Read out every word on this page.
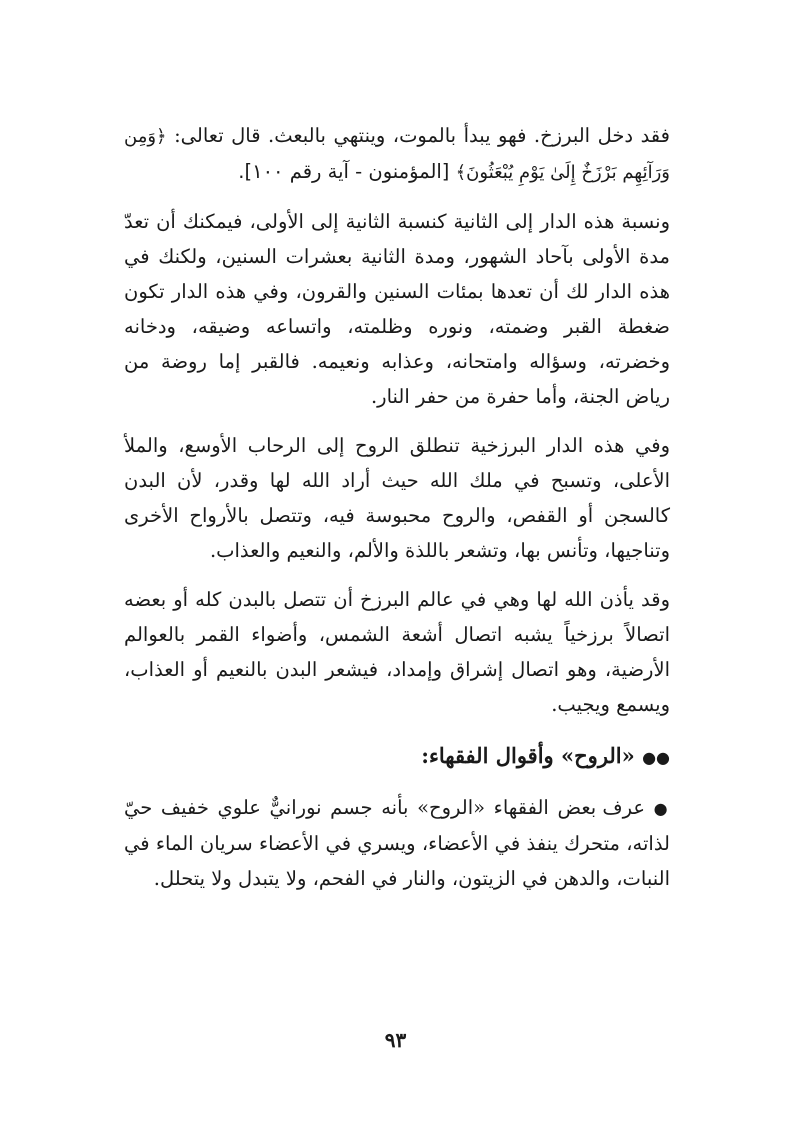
فقد دخل البرزخ. فهو يبدأ بالموت، وينتهي بالبعث. قال تعالى: ﴿وَمِن وَرَآئِهِم بَرْزَخٌ إِلَىٰ يَوْمِ يُبْعَثُونَ﴾ [المؤمنون - آية رقم ١٠٠].

ونسبة هذه الدار إلى الثانية كنسبة الثانية إلى الأولى، فيمكنك أن تعدّ مدة الأولى بآحاد الشهور، ومدة الثانية بعشرات السنين، ولكنك في هذه الدار لك أن تعدها بمئات السنين والقرون، وفي هذه الدار تكون ضغطة القبر وضمته، ونوره وظلمته، واتساعه وضيقه، ودخانه وخضرته، وسؤاله وامتحانه، وعذابه ونعيمه. فالقبر إما روضة من رياض الجنة، وأما حفرة من حفر النار.

وفي هذه الدار البرزخية تنطلق الروح إلى الرحاب الأوسع، والملأ الأعلى، وتسبح في ملك الله حيث أراد الله لها وقدر، لأن البدن كالسجن أو القفص، والروح محبوسة فيه، وتتصل بالأرواح الأخرى وتناجيها، وتأنس بها، وتشعر باللذة والألم، والنعيم والعذاب.

وقد يأذن الله لها وهي في عالم البرزخ أن تتصل بالبدن كله أو بعضه اتصالاً برزخياً يشبه اتصال أشعة الشمس، وأضواء القمر بالعوالم الأرضية، وهو اتصال إشراق وإمداد، فيشعر البدن بالنعيم أو العذاب، ويسمع ويجيب.

●● «الروح» وأقوال الفقهاء:

● عرف بعض الفقهاء «الروح» بأنه جسم نورانيٌّ علوي خفيف حيّ لذاته، متحرك ينفذ في الأعضاء، ويسري في الأعضاء سريان الماء في النبات، والدهن في الزيتون، والنار في الفحم، ولا يتبدل ولا يتحلل.

٩٣
